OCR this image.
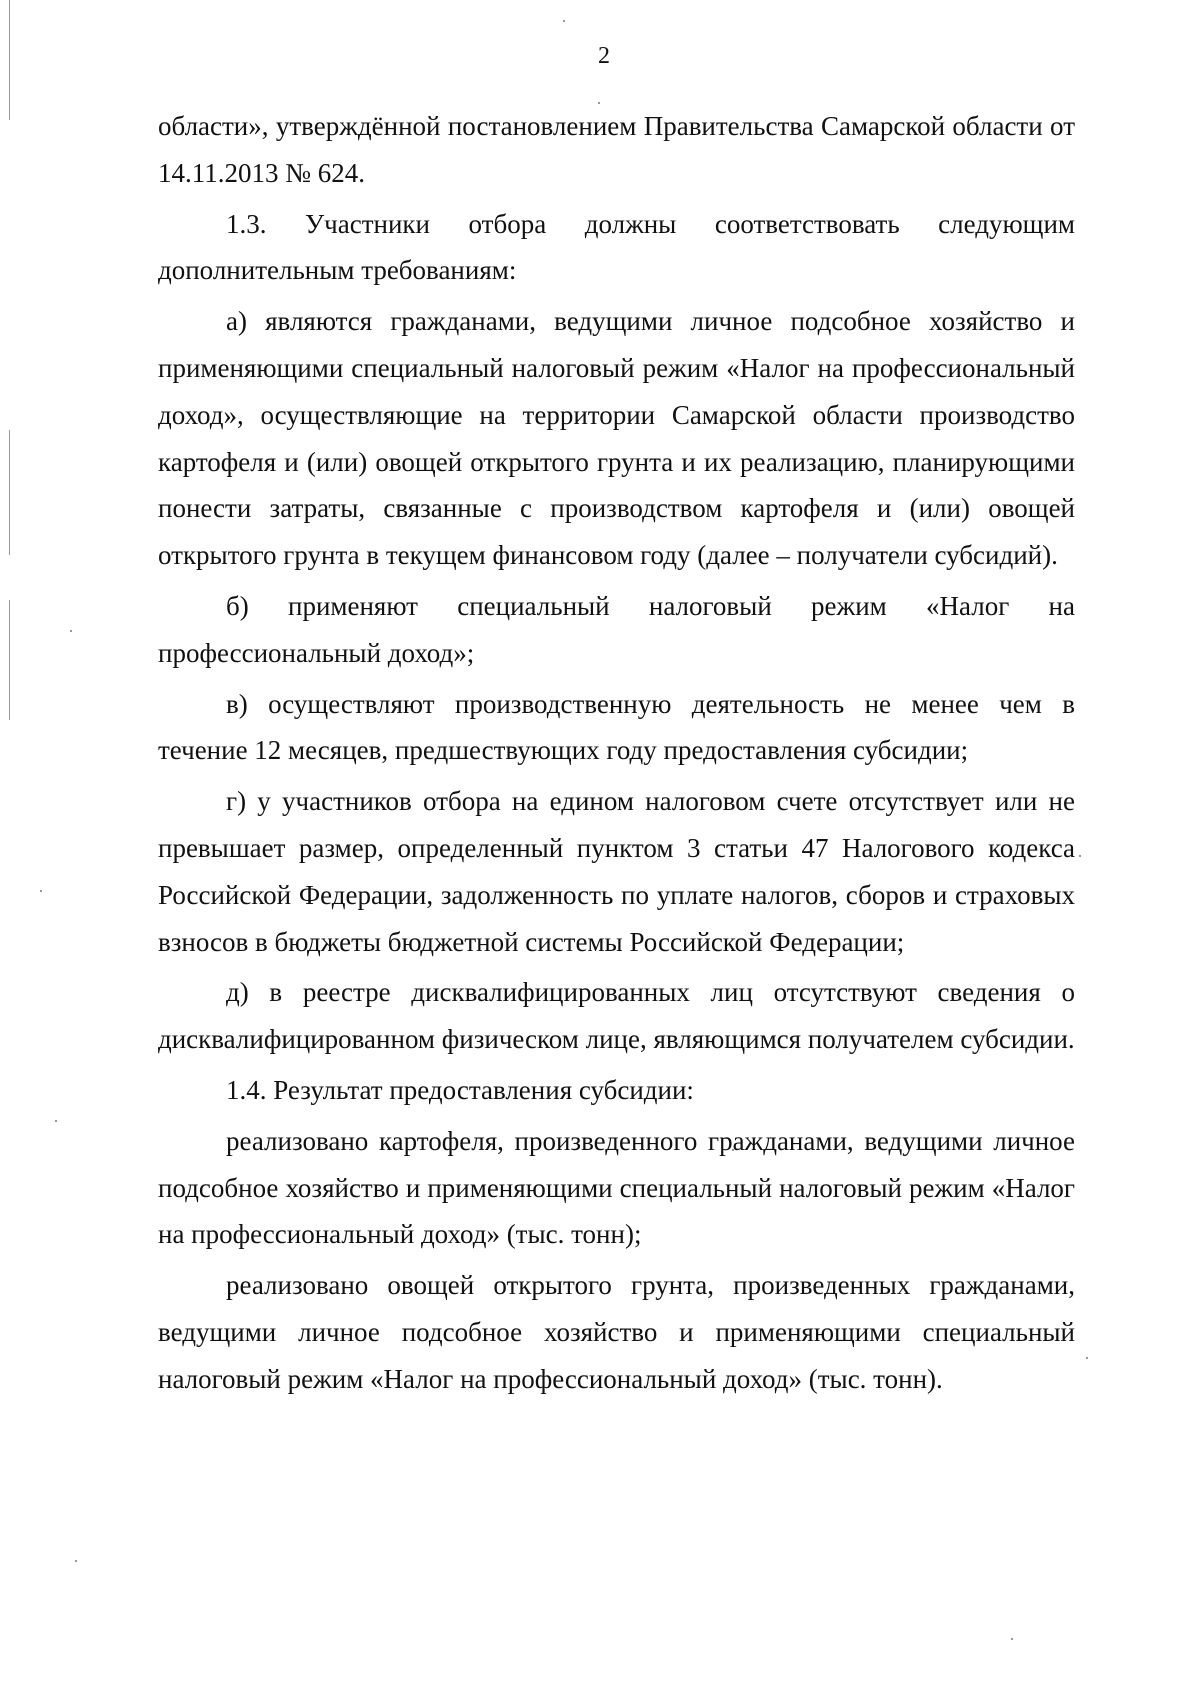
2

области», утверждённой постановлением Правительства Самарской области от 14.11.2013 № 624.

1.3. Участники отбора должны соответствовать следующим дополнительным требованиям:

а) являются гражданами, ведущими личное подсобное хозяйство и применяющими специальный налоговый режим «Налог на профессиональный доход», осуществляющие на территории Самарской области производство картофеля и (или) овощей открытого грунта и их реализацию, планирующими понести затраты, связанные с производством картофеля и (или) овощей открытого грунта в текущем финансовом году (далее – получатели субсидий).

б) применяют специальный налоговый режим «Налог на профессиональный доход»;

в) осуществляют производственную деятельность не менее чем в течение 12 месяцев, предшествующих году предоставления субсидии;

г) у участников отбора на едином налоговом счете отсутствует или не превышает размер, определенный пунктом 3 статьи 47 Налогового кодекса Российской Федерации, задолженность по уплате налогов, сборов и страховых взносов в бюджеты бюджетной системы Российской Федерации;

д) в реестре дисквалифицированных лиц отсутствуют сведения о дисквалифицированном физическом лице, являющимся получателем субсидии.

1.4. Результат предоставления субсидии:

реализовано картофеля, произведенного гражданами, ведущими личное подсобное хозяйство и применяющими специальный налоговый режим «Налог на профессиональный доход» (тыс. тонн);

реализовано овощей открытого грунта, произведенных гражданами, ведущими личное подсобное хозяйство и применяющими специальный налоговый режим «Налог на профессиональный доход» (тыс. тонн).
